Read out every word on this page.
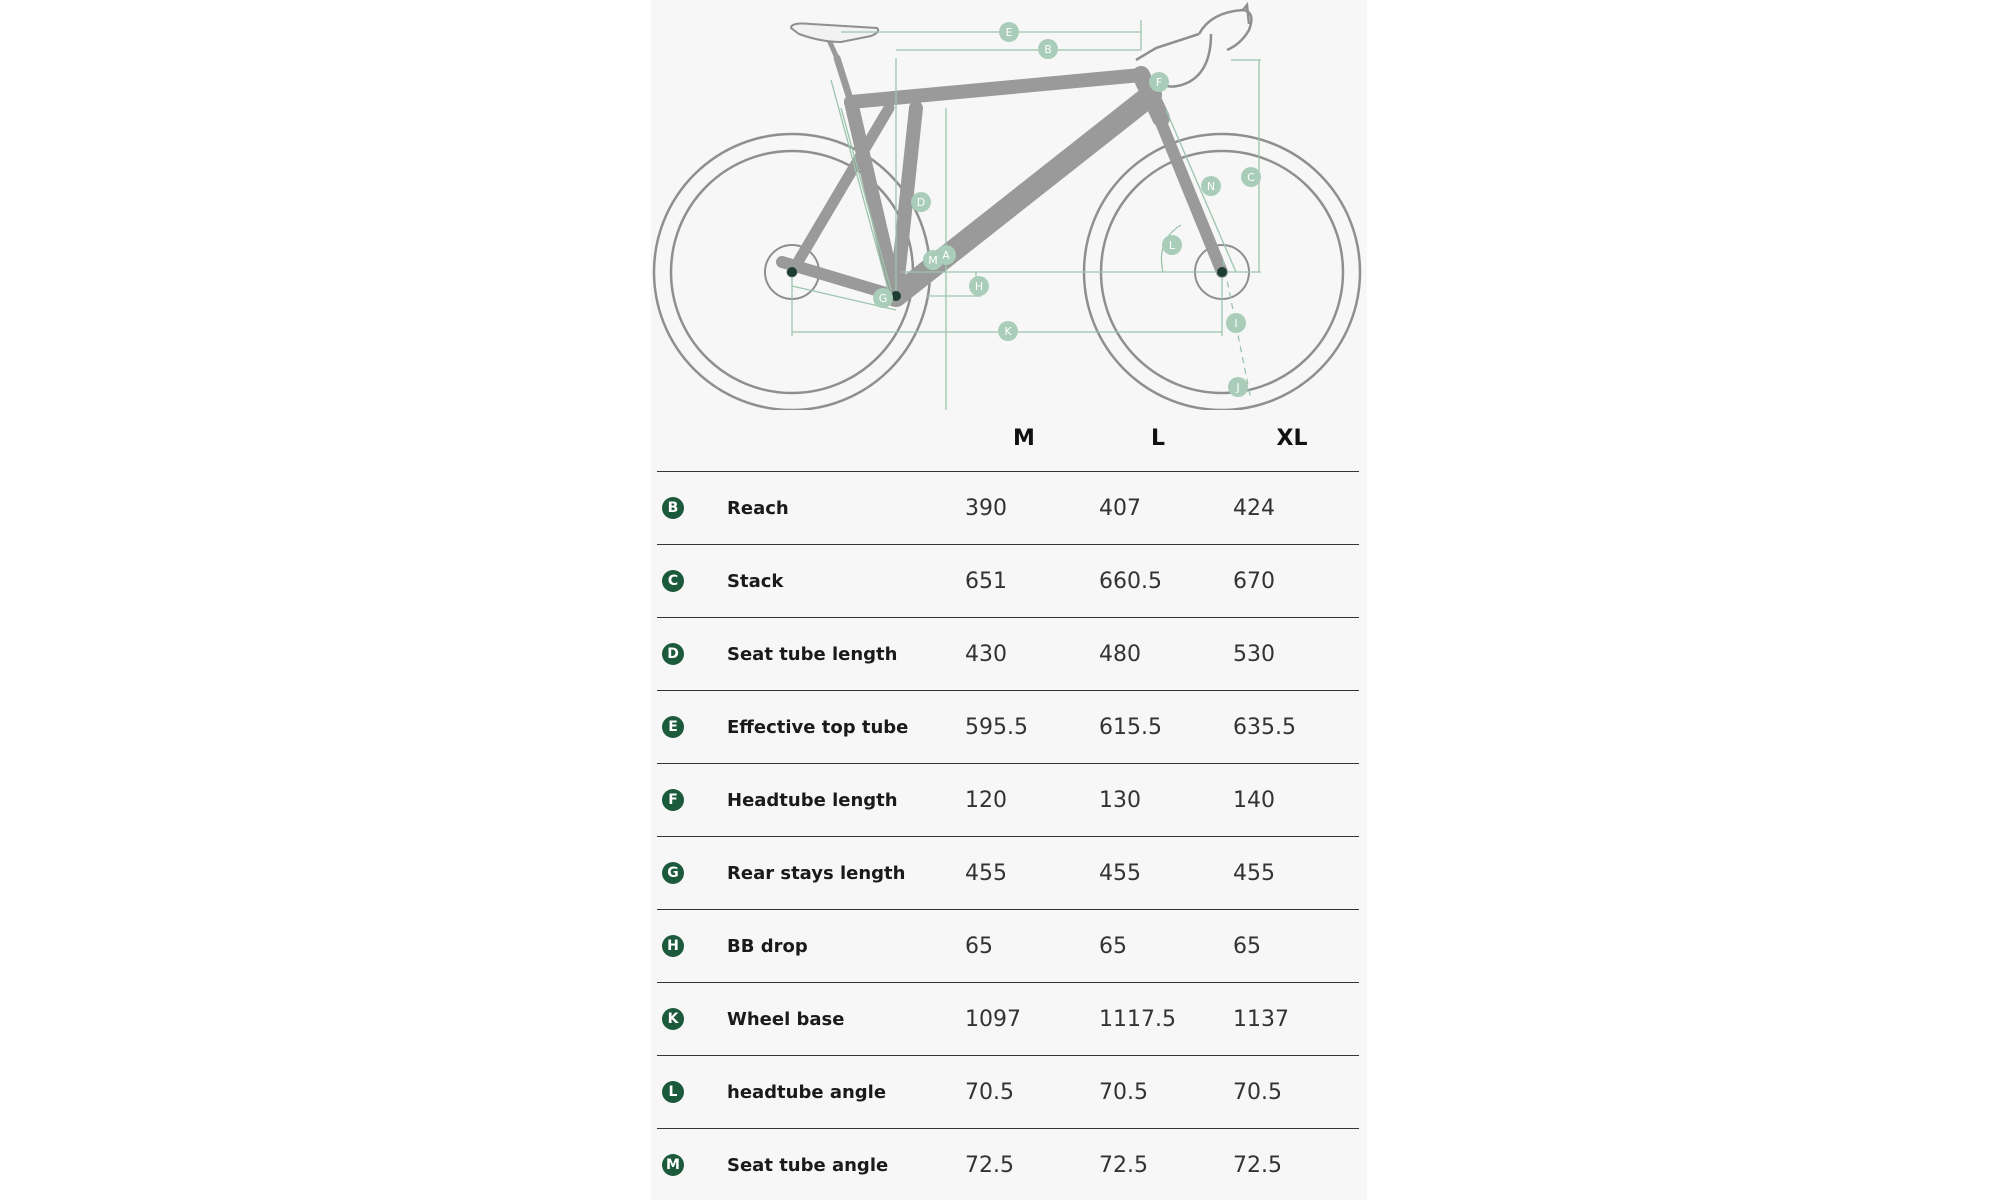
A
B
C
D
E
F
G
H
I
J
K
L
M
N
		M	L	XL
B	Reach	390	407	424
C	Stack	651	660.5	670
D	Seat tube length	430	480	530
E	Effective top tube	595.5	615.5	635.5
F	Headtube length	120	130	140
G	Rear stays length	455	455	455
H	BB drop	65	65	65
K	Wheel base	1097	1117.5	1137
L	headtube angle	70.5	70.5	70.5
M	Seat tube angle	72.5	72.5	72.5
